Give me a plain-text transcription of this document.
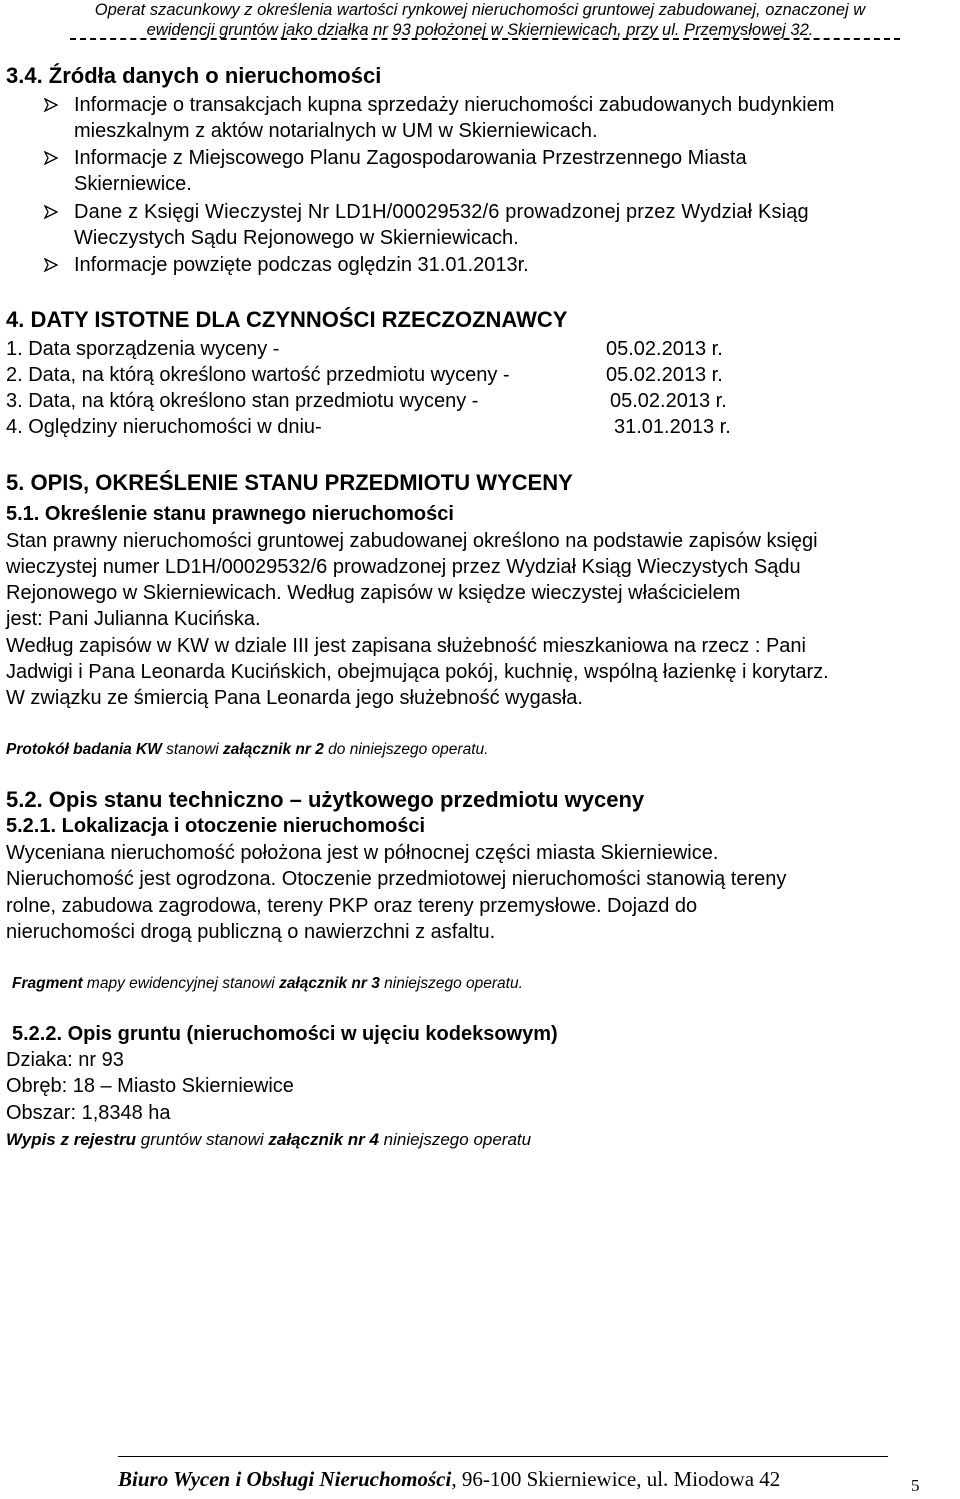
Operat szacunkowy z określenia wartości rynkowej nieruchomości gruntowej zabudowanej, oznaczonej w
ewidencji gruntów jako działka nr 93 położonej w Skierniewicach, przy ul. Przemysłowej 32.
3.4. Źródła danych o nieruchomości
Informacje o transakcjach kupna sprzedaży nieruchomości zabudowanych budynkiem
mieszkalnym z aktów notarialnych w UM w Skierniewicach.
Informacje z Miejscowego Planu Zagospodarowania Przestrzennego Miasta
Skierniewice.
Dane z Księgi Wieczystej Nr LD1H/00029532/6 prowadzonej przez Wydział Ksiąg
Wieczystych Sądu Rejonowego w Skierniewicach.
Informacje powzięte podczas oględzin 31.01.2013r.
4. DATY ISTOTNE DLA CZYNNOŚCI RZECZOZNAWCY
1. Data sporządzenia wyceny -	05.02.2013 r.
2. Data, na którą określono wartość przedmiotu wyceny -	05.02.2013 r.
3. Data, na którą określono stan przedmiotu wyceny -	05.02.2013 r.
4. Oględziny nieruchomości w dniu-	31.01.2013 r.
5. OPIS, OKREŚLENIE STANU PRZEDMIOTU WYCENY
5.1. Określenie stanu prawnego nieruchomości
Stan prawny nieruchomości gruntowej zabudowanej określono na podstawie zapisów księgi
wieczystej numer LD1H/00029532/6 prowadzonej przez Wydział Ksiąg Wieczystych Sądu
Rejonowego w Skierniewicach. Według zapisów w księdze wieczystej właścicielem
jest: Pani Julianna Kucińska.
Według zapisów w KW w dziale III jest zapisana służebność mieszkaniowa na rzecz : Pani
Jadwigi i Pana Leonarda Kucińskich, obejmująca pokój, kuchnię, wspólną łazienkę i korytarz.
W związku ze śmiercią Pana Leonarda jego służebność wygasła.
Protokół badania KW stanowi załącznik nr 2 do niniejszego operatu.
5.2. Opis stanu techniczno – użytkowego przedmiotu wyceny
5.2.1. Lokalizacja i otoczenie nieruchomości
Wyceniana nieruchomość położona jest w północnej części miasta Skierniewice.
Nieruchomość jest ogrodzona. Otoczenie przedmiotowej nieruchomości stanowią tereny
rolne, zabudowa zagrodowa, tereny PKP oraz tereny przemysłowe. Dojazd do
nieruchomości drogą publiczną o nawierzchni z asfaltu.
Fragment mapy ewidencyjnej stanowi załącznik nr 3 niniejszego operatu.
5.2.2. Opis gruntu (nieruchomości w ujęciu kodeksowym)
Dziaka: nr 93
Obręb: 18 – Miasto Skierniewice
Obszar: 1,8348 ha
Wypis z rejestru gruntów stanowi załącznik nr 4 niniejszego operatu
Biuro Wycen i Obsługi Nieruchomości, 96-100 Skierniewice, ul. Miodowa 42	5
